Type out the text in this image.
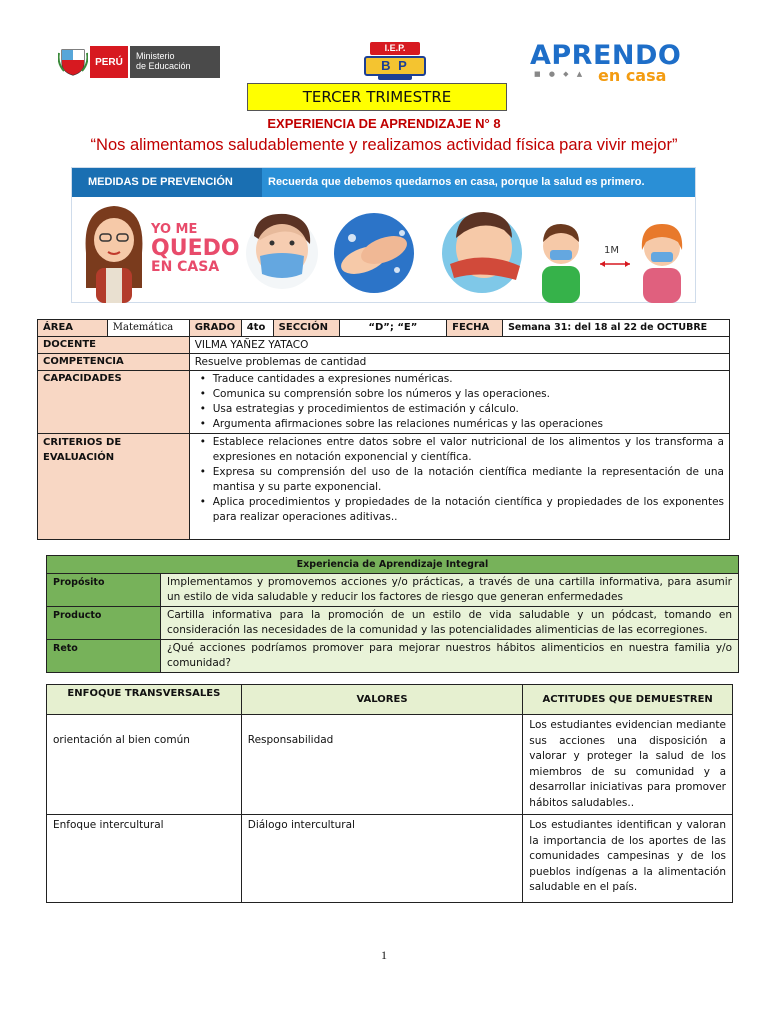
PERÚ
Ministerio
de Educación
I.E.P.
B P	APRENDO
■ ● ◆ ▲ en casa
TERCER TRIMESTRE
EXPERIENCIA DE APRENDIZAJE N° 8
“Nos alimentamos saludablemente y realizamos actividad física para vivir mejor”
MEDIDAS DE PREVENCIÓN	Recuerda que debemos quedarnos en casa, porque la salud es primero.
YO ME
QUEDO
EN CASA
1M
ÁREA	Matemática	GRADO	4to	SECCIÓN	“D”; “E”	FECHA	Semana 31: del 18 al 22 de OCTUBRE
DOCENTE		VILMA YAÑEZ YATACO					
COMPETENCIA		Resuelve problemas de cantidad					
CAPACIDADES		• Traduce cantidades a expresiones numéricas.
• Comunica su comprensión sobre los números y las operaciones.
• Usa estrategias y procedimientos de estimación y cálculo.
• Argumenta afirmaciones sobre las relaciones numéricas y las operaciones

CRITERIOS DE EVALUACIÓN		• Establece relaciones entre datos sobre el valor nutricional de los alimentos y los transforma a expresiones en notación exponencial y científica.
• Expresa su comprensión del uso de la notación científica mediante la representación de una mantisa y su parte exponencial.
• Aplica procedimientos y propiedades de la notación científica y propiedades de los exponentes para realizar operaciones aditivas..
Experiencia de Aprendizaje Integral	
Propósito	Implementamos y promovemos acciones y/o prácticas, a través de una cartilla informativa, para asumir un estilo de vida saludable y reducir los factores de riesgo que generan enfermedades
Producto	Cartilla informativa para la promoción de un estilo de vida saludable y un pódcast, tomando en consideración las necesidades de la comunidad y las potencialidades alimenticias de las ecorregiones.
Reto	¿Qué acciones podríamos promover para mejorar nuestros hábitos alimenticios en nuestra familia y/o comunidad?
ENFOQUE TRANSVERSALES	VALORES	ACTITUDES QUE DEMUESTREN
orientación al bien común	Responsabilidad	Los estudiantes evidencian mediante sus acciones una disposición a valorar y proteger la salud de los miembros de su comunidad y a desarrollar iniciativas para promover hábitos saludables..
Enfoque intercultural	Diálogo intercultural	Los estudiantes identifican y valoran la importancia de los aportes de las comunidades campesinas y de los pueblos indígenas a la alimentación saludable en el país.
1
